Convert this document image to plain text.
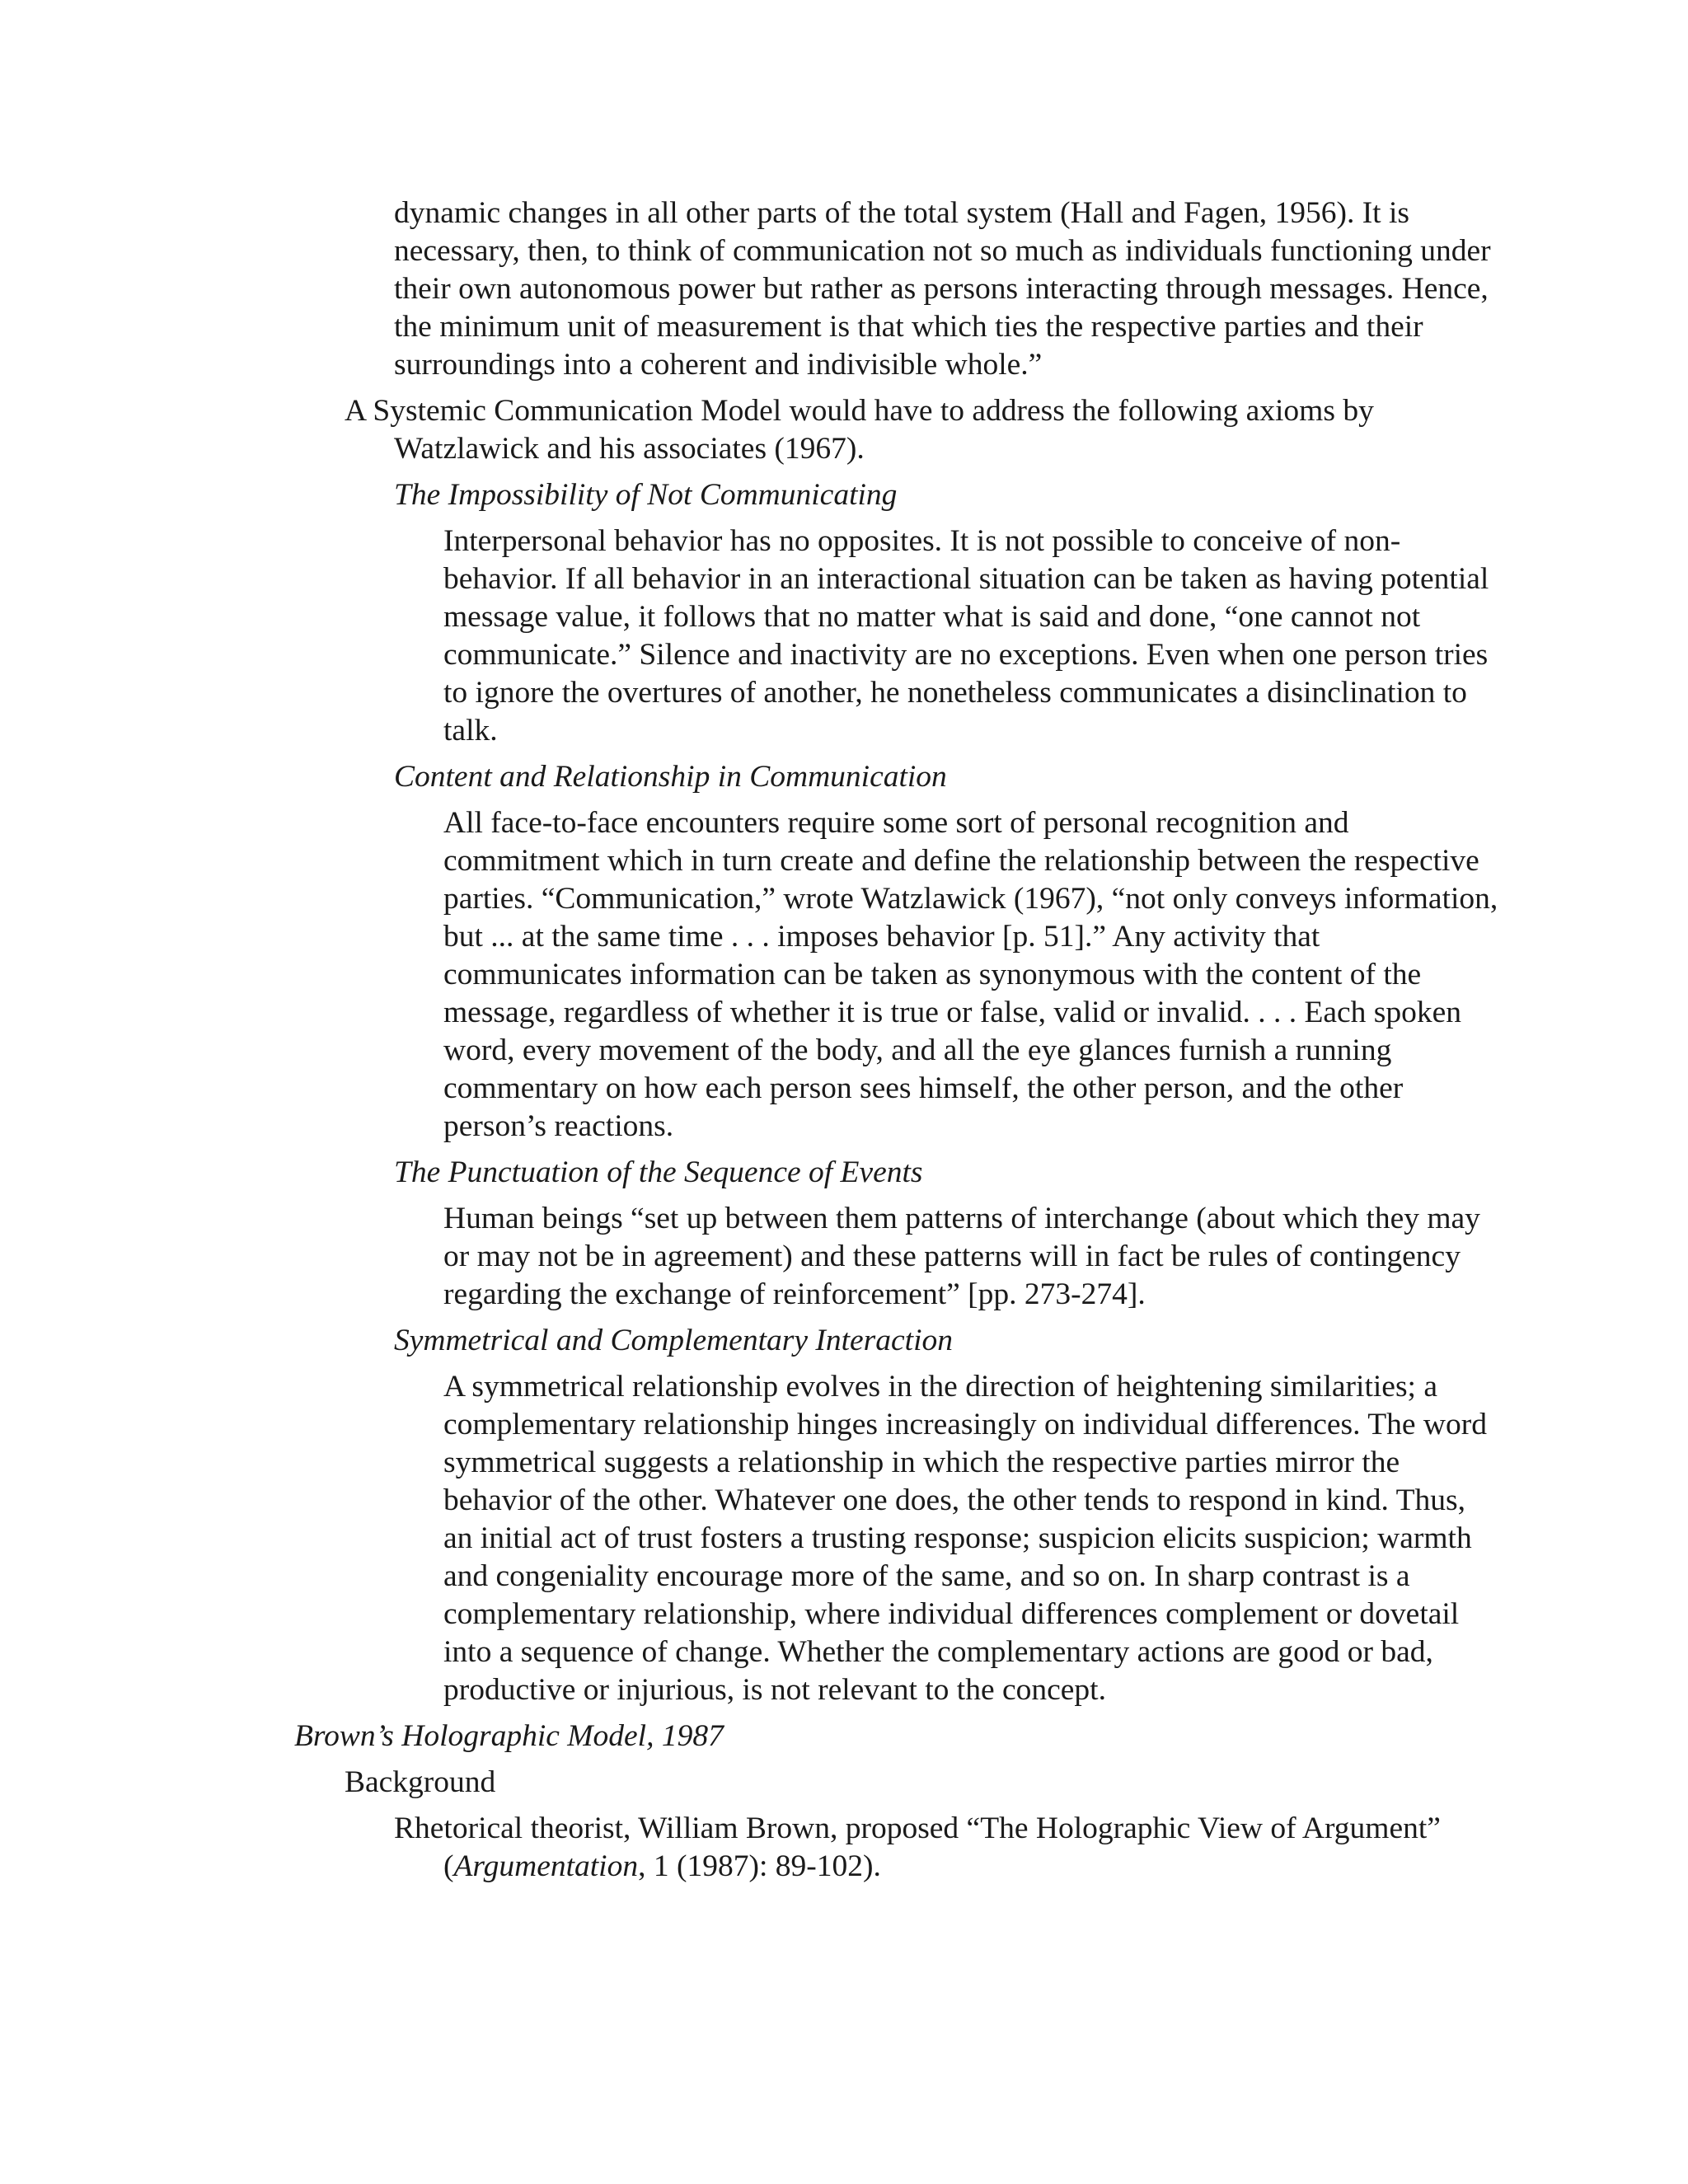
dynamic changes in all other parts of the total system (Hall and Fagen, 1956). It is necessary, then, to think of communication not so much as individuals functioning under their own autonomous power but rather as persons interacting through messages. Hence, the minimum unit of measurement is that which ties the respective parties and their surroundings into a coherent and indivisible whole.”

A Systemic Communication Model would have to address the following axioms by Watzlawick and his associates (1967).

The Impossibility of Not Communicating

Interpersonal behavior has no opposites. It is not possible to conceive of non-behavior. If all behavior in an interactional situation can be taken as having potential message value, it follows that no matter what is said and done, “one cannot not communicate.” Silence and inactivity are no exceptions. Even when one person tries to ignore the overtures of another, he nonetheless communicates a disinclination to talk.

Content and Relationship in Communication

All face-to-face encounters require some sort of personal recognition and commitment which in turn create and define the relationship between the respective parties. “Communication,” wrote Watzlawick (1967), “not only conveys information, but ... at the same time . . . imposes behavior [p. 51].” Any activity that communicates information can be taken as synonymous with the content of the message, regardless of whether it is true or false, valid or invalid. . . . Each spoken word, every movement of the body, and all the eye glances furnish a running commentary on how each person sees himself, the other person, and the other person’s reactions.

The Punctuation of the Sequence of Events

Human beings “set up between them patterns of interchange (about which they may or may not be in agreement) and these patterns will in fact be rules of contingency regarding the exchange of reinforcement” [pp. 273-274].

Symmetrical and Complementary Interaction

A symmetrical relationship evolves in the direction of heightening similarities; a complementary relationship hinges increasingly on individual differences. The word symmetrical suggests a relationship in which the respective parties mirror the behavior of the other. Whatever one does, the other tends to respond in kind. Thus, an initial act of trust fosters a trusting response; suspicion elicits suspicion; warmth and congeniality encourage more of the same, and so on. In sharp contrast is a complementary relationship, where individual differences complement or dovetail into a sequence of change. Whether the complementary actions are good or bad, productive or injurious, is not relevant to the concept.

Brown’s Holographic Model, 1987

Background

Rhetorical theorist, William Brown, proposed “The Holographic View of Argument” (Argumentation, 1 (1987): 89-102).
